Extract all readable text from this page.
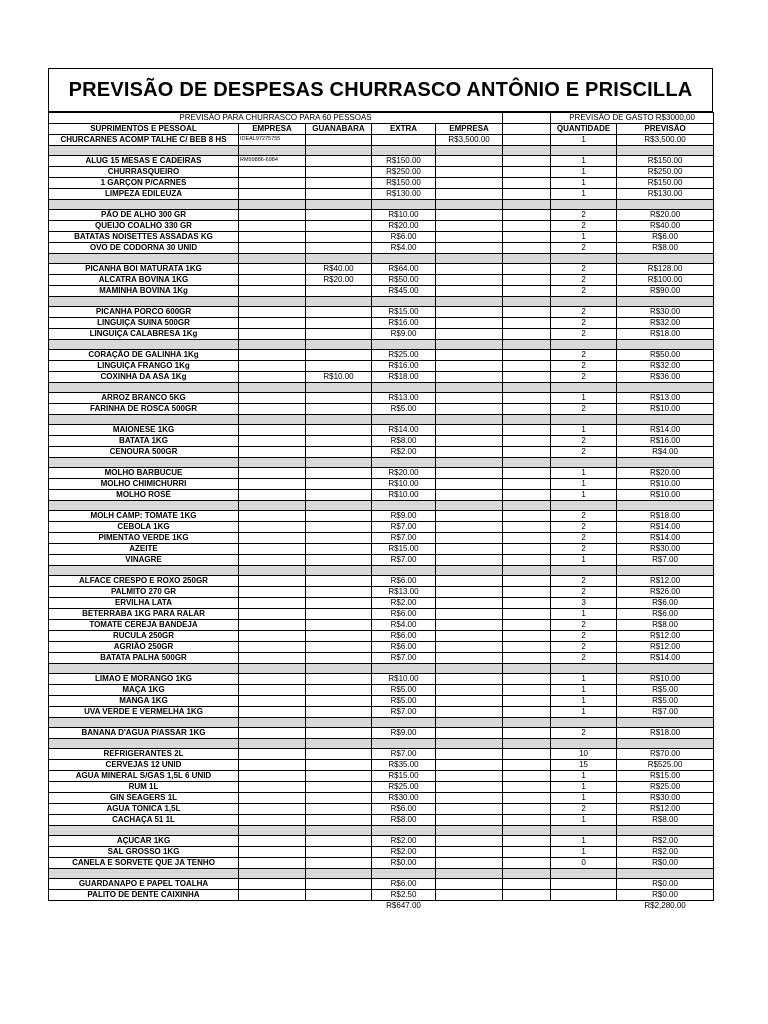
PREVISÃO DE DESPESAS CHURRASCO ANTÔNIO E PRISCILLA
PREVISÃO PARA CHURRASCO PARA 60 PESSOAS						PREVISÃO DE GASTO R$3000,00	
SUPRIMENTOS E PESSOAL	EMPRESA	GUANABARA	EXTRA	EMPRESA		QUANTIDADE	PREVISÃO
CHURCARNES ACOMP TALHE C/ BEB 8 HS	IDEAL97275755			R$3,500.00		1	R$3,500.00

ALUG 15 MESAS E CADEIRAS	RM99886-6984		R$150.00			1	R$150.00
CHURRASQUEIRO			R$250.00			1	R$250.00
1 GARÇON P/CARNES			R$150.00			1	R$150.00
LIMPEZA EDILEUZA			R$130.00			1	R$130.00

PÃO DE ALHO 300 GR			R$10.00			2	R$20.00
QUEIJO COALHO 330 GR			R$20.00			2	R$40.00
BATATAS NOISETTES ASSADAS KG			R$6.00			1	R$6.00
OVO DE CODORNA 30 UNID			R$4.00			2	R$8.00

PICANHA BOI MATURATA 1KG		R$40.00	R$64.00			2	R$128.00
ALCATRA BOVINA 1KG		R$20.00	R$50.00			2	R$100.00
MAMINHA BOVINA 1Kg			R$45.00			2	R$90.00

PICANHA PORCO 600GR			R$15.00			2	R$30.00
LINGUIÇA SUINA 500GR			R$16.00			2	R$32.00
LINGUIÇA CALABRESA 1Kg			R$9.00			2	R$18.00

CORAÇÃO DE GALINHA 1Kg			R$25.00			2	R$50.00
LINGUIÇA FRANGO 1Kg			R$16.00			2	R$32.00
COXINHA DA ASA 1Kg		R$10.00	R$18.00			2	R$36.00

ARROZ BRANCO 5KG			R$13.00			1	R$13.00
FARINHA DE ROSCA 500GR			R$5.00			2	R$10.00

MAIONESE 1KG			R$14.00			1	R$14.00
BATATA 1KG			R$8.00			2	R$16.00
CENOURA 500GR			R$2.00			2	R$4.00

MOLHO BARBUCUE			R$20.00			1	R$20.00
MOLHO CHIMICHURRI			R$10.00			1	R$10.00
MOLHO ROSÉ			R$10.00			1	R$10.00

MOLH CAMP: TOMATE 1KG			R$9.00			2	R$18.00
CEBOLA 1KG			R$7.00			2	R$14.00
PIMENTAO VERDE 1KG			R$7.00			2	R$14.00
AZEITE			R$15.00			2	R$30.00
VINAGRE			R$7.00			1	R$7.00

ALFACE CRESPO E ROXO 250GR			R$6.00			2	R$12.00
PALMITO 270 GR			R$13.00			2	R$26.00
ERVILHA LATA			R$2.00			3	R$6.00
BETERRABA 1KG PARA RALAR			R$6.00			1	R$6.00
TOMATE CEREJA BANDEJA			R$4.00			2	R$8.00
RUCULA 250GR			R$6.00			2	R$12.00
AGRIÃO 250GR			R$6.00			2	R$12.00
BATATA PALHA 500GR			R$7.00			2	R$14.00

LIMAO E MORANGO 1KG			R$10.00			1	R$10.00
MAÇA 1KG			R$5.00			1	R$5.00
MANGA 1KG			R$5.00			1	R$5.00
UVA VERDE E VERMELHA 1KG			R$7.00			1	R$7.00

BANANA D'AGUA P/ASSAR 1KG			R$9.00			2	R$18.00

REFRIGERANTES 2L			R$7.00			10	R$70.00
CERVEJAS 12 UNID			R$35.00			15	R$525.00
AGUA MINERAL S/GAS 1,5L 6 UNID			R$15.00			1	R$15.00
RUM 1L			R$25.00			1	R$25.00
GIN SEAGERS 1L			R$30.00			1	R$30.00
AGUA TONICA 1,5L			R$6.00			2	R$12.00
CACHAÇA 51 1L			R$8.00			1	R$8.00

AÇUCAR 1KG			R$2.00			1	R$2.00
SAL GROSSO 1KG			R$2.00			1	R$2.00
CANELA E SORVETE QUE JA TENHO			R$0.00			0	R$0.00

GUARDANAPO E PAPEL TOALHA			R$6.00				R$0.00
PALITO DE DENTE CAIXINHA			R$2.50				R$0.00
			R$647.00				R$2,280.00
